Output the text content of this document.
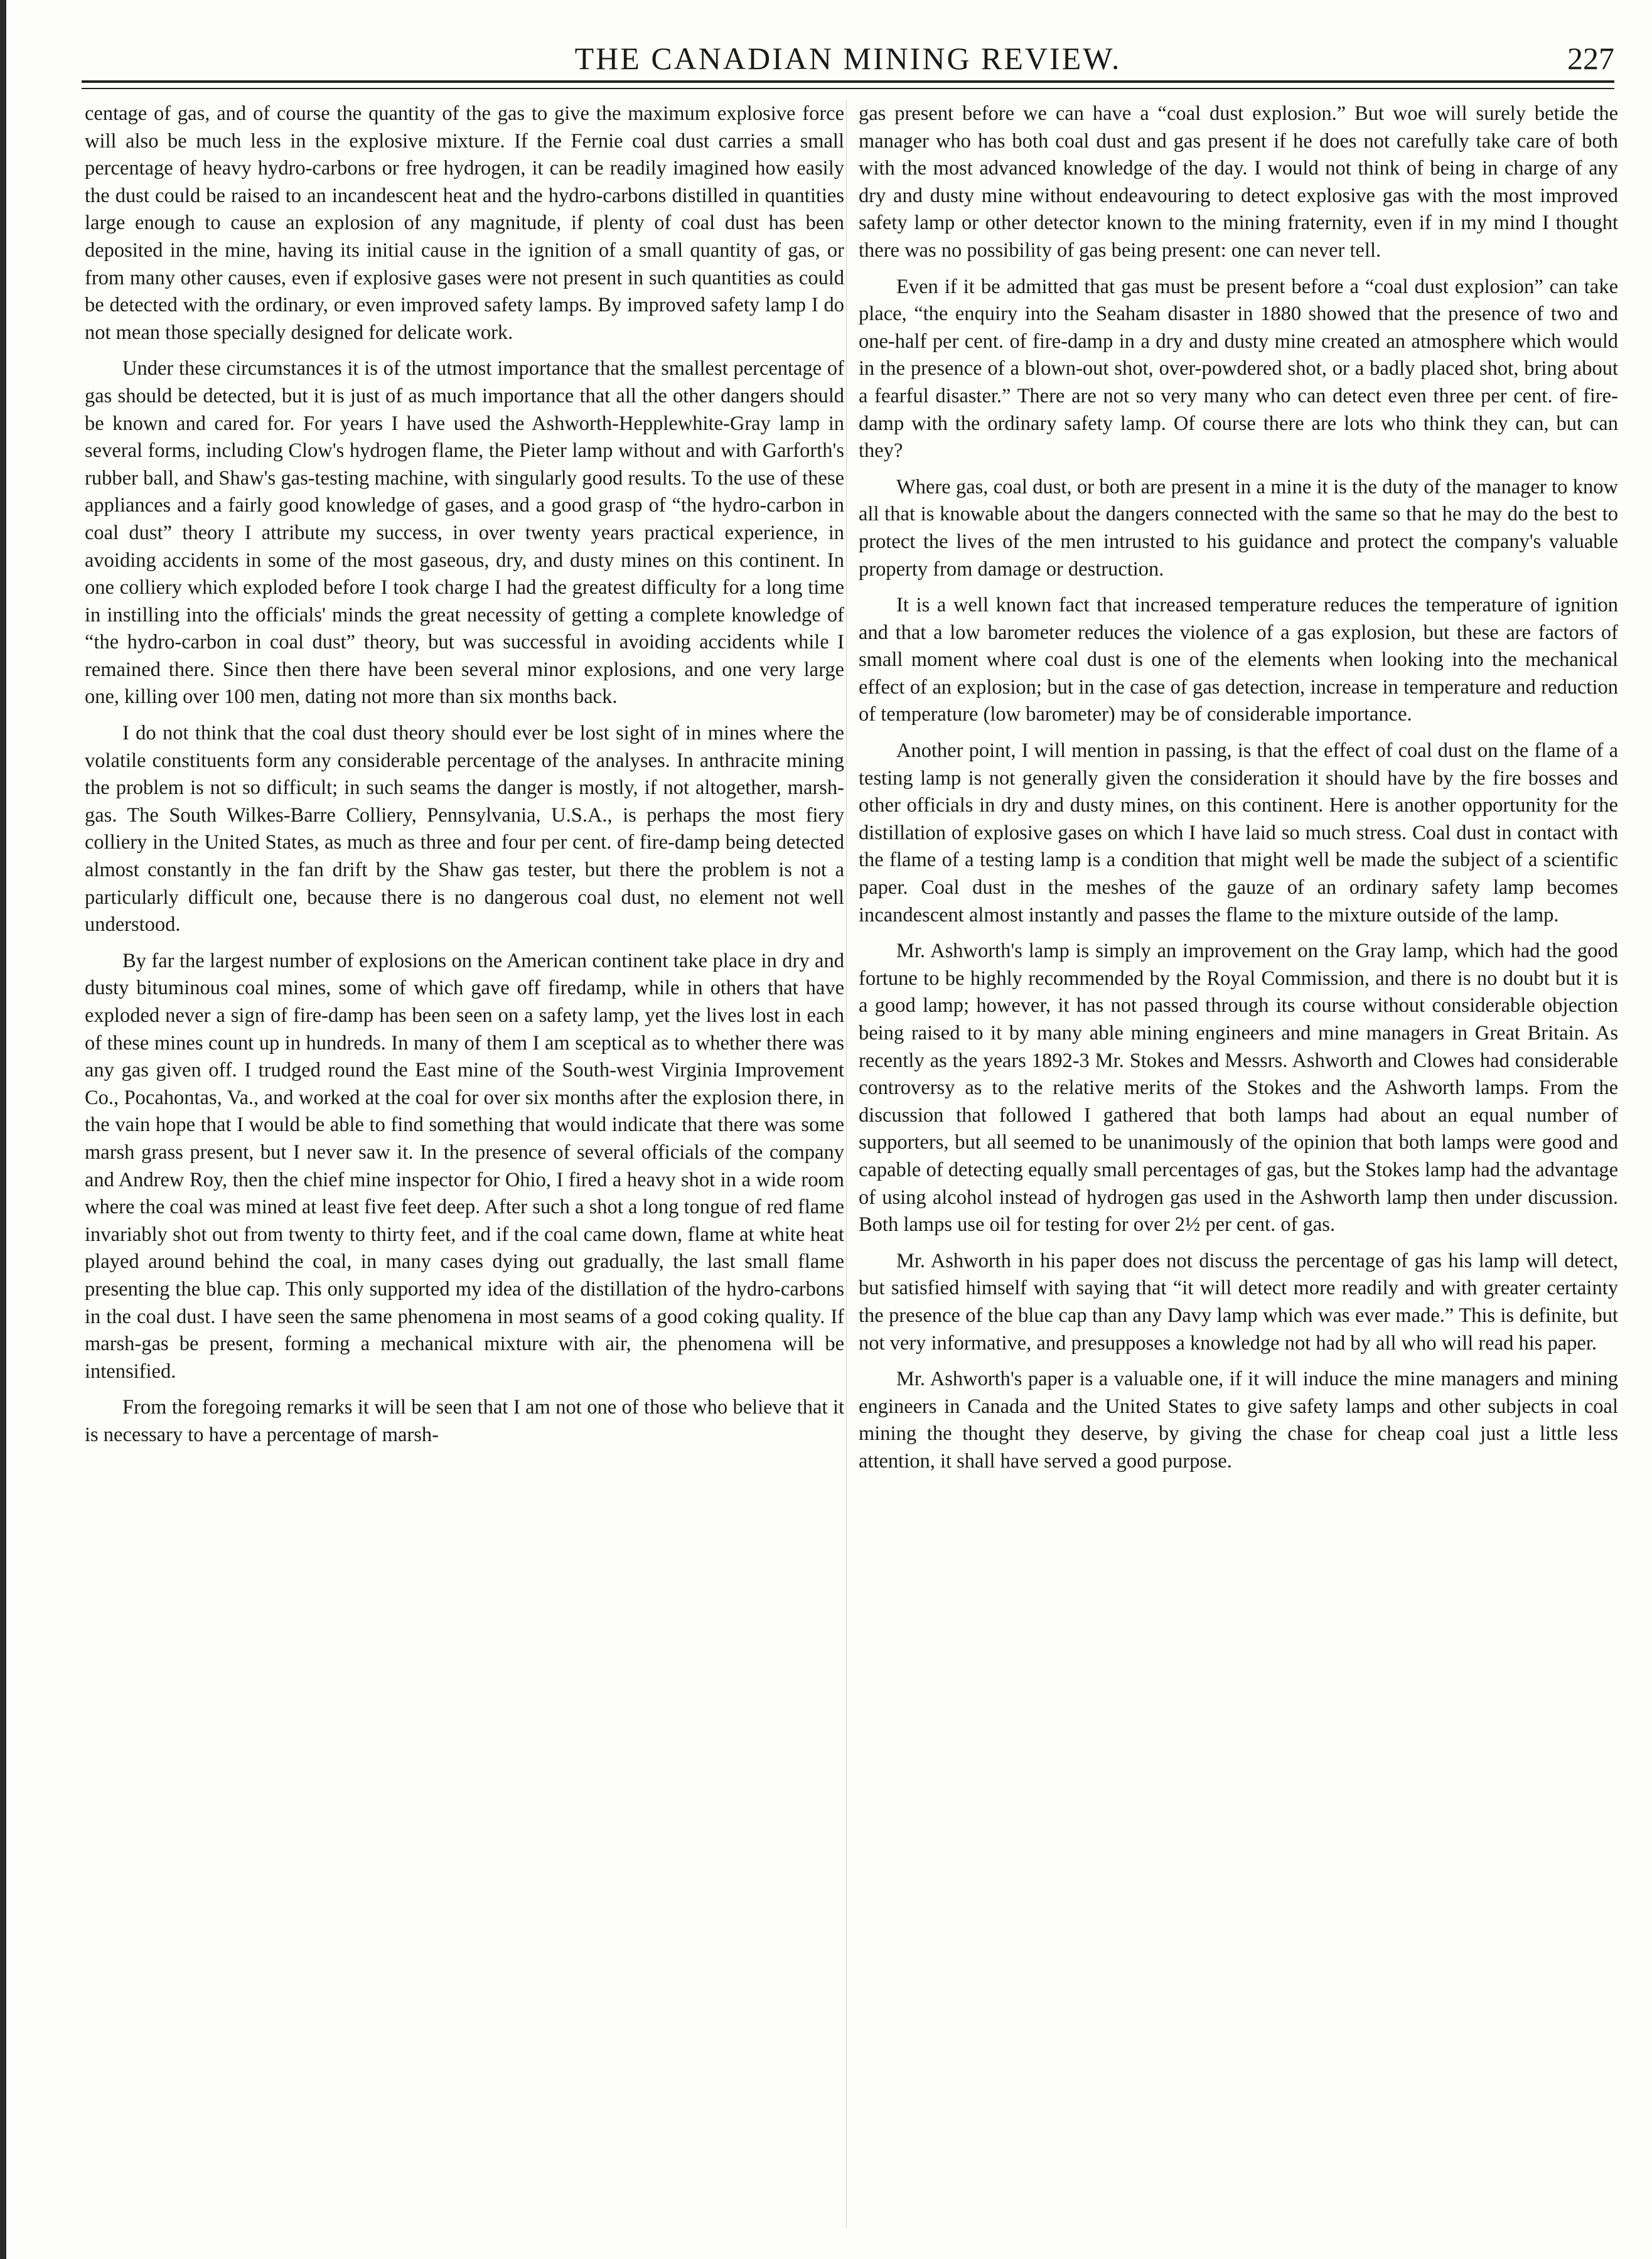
THE CANADIAN MINING REVIEW.	227

centage of gas, and of course the quantity of the gas to give the maximum explosive force will also be much less in the explosive mixture. If the Fernie coal dust carries a small percentage of heavy hydro-carbons or free hydrogen, it can be readily imagined how easily the dust could be raised to an incandescent heat and the hydro-carbons distilled in quantities large enough to cause an explosion of any magnitude, if plenty of coal dust has been deposited in the mine, having its initial cause in the ignition of a small quantity of gas, or from many other causes, even if explosive gases were not present in such quantities as could be detected with the ordinary, or even improved safety lamps. By improved safety lamp I do not mean those specially designed for delicate work.

Under these circumstances it is of the utmost importance that the smallest percentage of gas should be detected, but it is just of as much importance that all the other dangers should be known and cared for. For years I have used the Ashworth-Hepplewhite-Gray lamp in several forms, including Clow's hydrogen flame, the Pieter lamp without and with Garforth's rubber ball, and Shaw's gas-testing machine, with singularly good results. To the use of these appliances and a fairly good knowledge of gases, and a good grasp of “the hydro-carbon in coal dust” theory I attribute my success, in over twenty years practical experience, in avoiding accidents in some of the most gaseous, dry, and dusty mines on this continent. In one colliery which exploded before I took charge I had the greatest difficulty for a long time in instilling into the officials' minds the great necessity of getting a complete knowledge of “the hydro-carbon in coal dust” theory, but was successful in avoiding accidents while I remained there. Since then there have been several minor explosions, and one very large one, killing over 100 men, dating not more than six months back.

I do not think that the coal dust theory should ever be lost sight of in mines where the volatile constituents form any considerable percentage of the analyses. In anthracite mining the problem is not so difficult; in such seams the danger is mostly, if not altogether, marsh-gas. The South Wilkes-Barre Colliery, Pennsylvania, U.S.A., is perhaps the most fiery colliery in the United States, as much as three and four per cent. of fire-damp being detected almost constantly in the fan drift by the Shaw gas tester, but there the problem is not a particularly difficult one, because there is no dangerous coal dust, no element not well understood.

By far the largest number of explosions on the American continent take place in dry and dusty bituminous coal mines, some of which gave off firedamp, while in others that have exploded never a sign of fire-damp has been seen on a safety lamp, yet the lives lost in each of these mines count up in hundreds. In many of them I am sceptical as to whether there was any gas given off. I trudged round the East mine of the South-west Virginia Improvement Co., Pocahontas, Va., and worked at the coal for over six months after the explosion there, in the vain hope that I would be able to find something that would indicate that there was some marsh grass present, but I never saw it. In the presence of several officials of the company and Andrew Roy, then the chief mine inspector for Ohio, I fired a heavy shot in a wide room where the coal was mined at least five feet deep. After such a shot a long tongue of red flame invariably shot out from twenty to thirty feet, and if the coal came down, flame at white heat played around behind the coal, in many cases dying out gradually, the last small flame presenting the blue cap. This only supported my idea of the distillation of the hydro-carbons in the coal dust. I have seen the same phenomena in most seams of a good coking quality. If marsh-gas be present, forming a mechanical mixture with air, the phenomena will be intensified.

From the foregoing remarks it will be seen that I am not one of those who believe that it is necessary to have a percentage of marsh-

gas present before we can have a “coal dust explosion.” But woe will surely betide the manager who has both coal dust and gas present if he does not carefully take care of both with the most advanced knowledge of the day. I would not think of being in charge of any dry and dusty mine without endeavouring to detect explosive gas with the most improved safety lamp or other detector known to the mining fraternity, even if in my mind I thought there was no possibility of gas being present: one can never tell.

Even if it be admitted that gas must be present before a “coal dust explosion” can take place, “the enquiry into the Seaham disaster in 1880 showed that the presence of two and one-half per cent. of fire-damp in a dry and dusty mine created an atmosphere which would in the presence of a blown-out shot, over-powdered shot, or a badly placed shot, bring about a fearful disaster.” There are not so very many who can detect even three per cent. of fire-damp with the ordinary safety lamp. Of course there are lots who think they can, but can they?

Where gas, coal dust, or both are present in a mine it is the duty of the manager to know all that is knowable about the dangers connected with the same so that he may do the best to protect the lives of the men intrusted to his guidance and protect the company's valuable property from damage or destruction.

It is a well known fact that increased temperature reduces the temperature of ignition and that a low barometer reduces the violence of a gas explosion, but these are factors of small moment where coal dust is one of the elements when looking into the mechanical effect of an explosion; but in the case of gas detection, increase in temperature and reduction of temperature (low barometer) may be of considerable importance.

Another point, I will mention in passing, is that the effect of coal dust on the flame of a testing lamp is not generally given the consideration it should have by the fire bosses and other officials in dry and dusty mines, on this continent. Here is another opportunity for the distillation of explosive gases on which I have laid so much stress. Coal dust in contact with the flame of a testing lamp is a condition that might well be made the subject of a scientific paper. Coal dust in the meshes of the gauze of an ordinary safety lamp becomes incandescent almost instantly and passes the flame to the mixture outside of the lamp.

Mr. Ashworth's lamp is simply an improvement on the Gray lamp, which had the good fortune to be highly recommended by the Royal Commission, and there is no doubt but it is a good lamp; however, it has not passed through its course without considerable objection being raised to it by many able mining engineers and mine managers in Great Britain. As recently as the years 1892-3 Mr. Stokes and Messrs. Ashworth and Clowes had considerable controversy as to the relative merits of the Stokes and the Ashworth lamps. From the discussion that followed I gathered that both lamps had about an equal number of supporters, but all seemed to be unanimously of the opinion that both lamps were good and capable of detecting equally small percentages of gas, but the Stokes lamp had the advantage of using alcohol instead of hydrogen gas used in the Ashworth lamp then under discussion. Both lamps use oil for testing for over 2½ per cent. of gas.

Mr. Ashworth in his paper does not discuss the percentage of gas his lamp will detect, but satisfied himself with saying that “it will detect more readily and with greater certainty the presence of the blue cap than any Davy lamp which was ever made.” This is definite, but not very informative, and presupposes a knowledge not had by all who will read his paper.

Mr. Ashworth's paper is a valuable one, if it will induce the mine managers and mining engineers in Canada and the United States to give safety lamps and other subjects in coal mining the thought they deserve, by giving the chase for cheap coal just a little less attention, it shall have served a good purpose.
